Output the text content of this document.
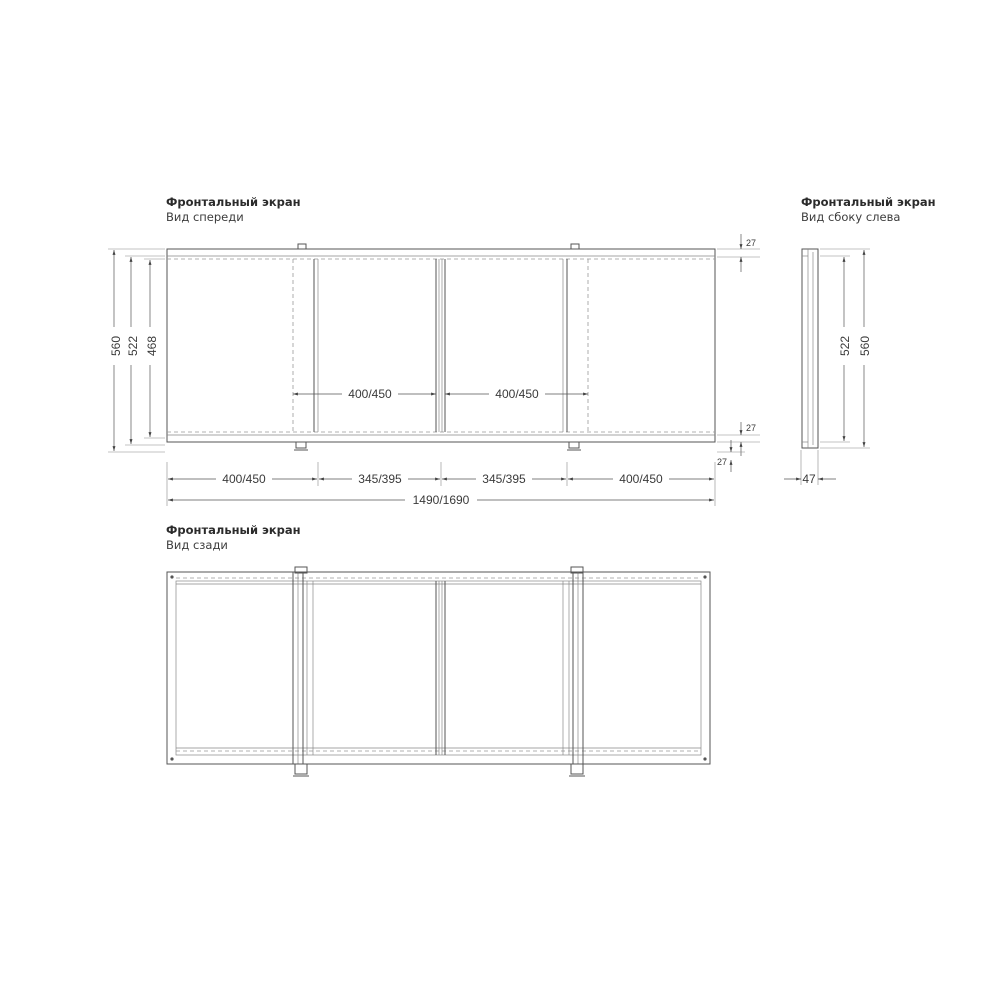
Фронтальный экран
Вид спереди
Фронтальный экран
Вид сбоку слева
Фронтальный экран
Вид сзади
560 522 468
27
27
27
400/450	400/450
400/450	345/395	345/395	400/450
1490/1690
522 560
47
